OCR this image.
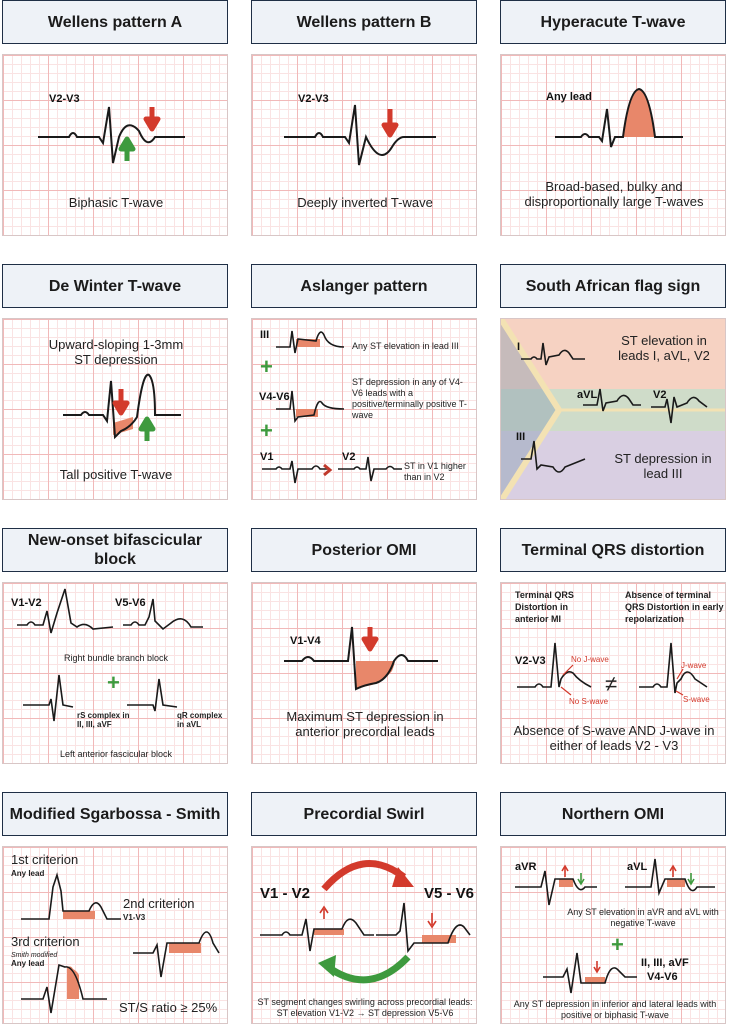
Wellens pattern A	Wellens pattern B	Hyperacute T-wave
V2-V3
Biphasic T-wave
V2-V3
Deeply inverted T-wave
Any lead
Broad-based, bulky and disproportionally large T-waves
De Winter T-wave	Aslanger pattern	South African flag sign
Upward-sloping 1-3mm ST depression
Tall positive T-wave
III
Any ST elevation in lead III
+
V4-V6
ST depression in any of V4-V6 leads with a positive/terminally positive T-wave
+
V1	V2
ST in V1 higher than in V2
I
aVL	V2
III
ST elevation in leads I, aVL, V2
ST depression in lead III
New-onset bifascicular block
Posterior OMI	Terminal QRS distortion
V1-V2	V5-V6
Right bundle branch block
+
rS complex in II, III, aVF
qR complex in aVL
Left anterior fascicular block
V1-V4
Maximum ST depression in anterior precordial leads
Terminal QRS Distortion in anterior MI
Absence of terminal QRS Distortion in early repolarization
V2-V3	No J-wave
No S-wave
J-wave
S-wave
≠
Absence of S-wave AND J-wave in either of leads V2 - V3
Modified Sgarbossa - Smith	Precordial Swirl	Northern OMI
1st criterion
Any lead
2nd criterion
V1-V3
3rd criterion
Smith modified
Any lead
ST/S ratio ≥ 25%
V1 - V2	V5 - V6
ST segment changes swirling across precordial leads: ST elevation V1-V2 → ST depression V5-V6
aVR	aVL
Any ST elevation in aVR and aVL with negative T-wave
+
II, III, aVF
V4-V6
Any ST depression in inferior and lateral leads with positive or biphasic T-wave
